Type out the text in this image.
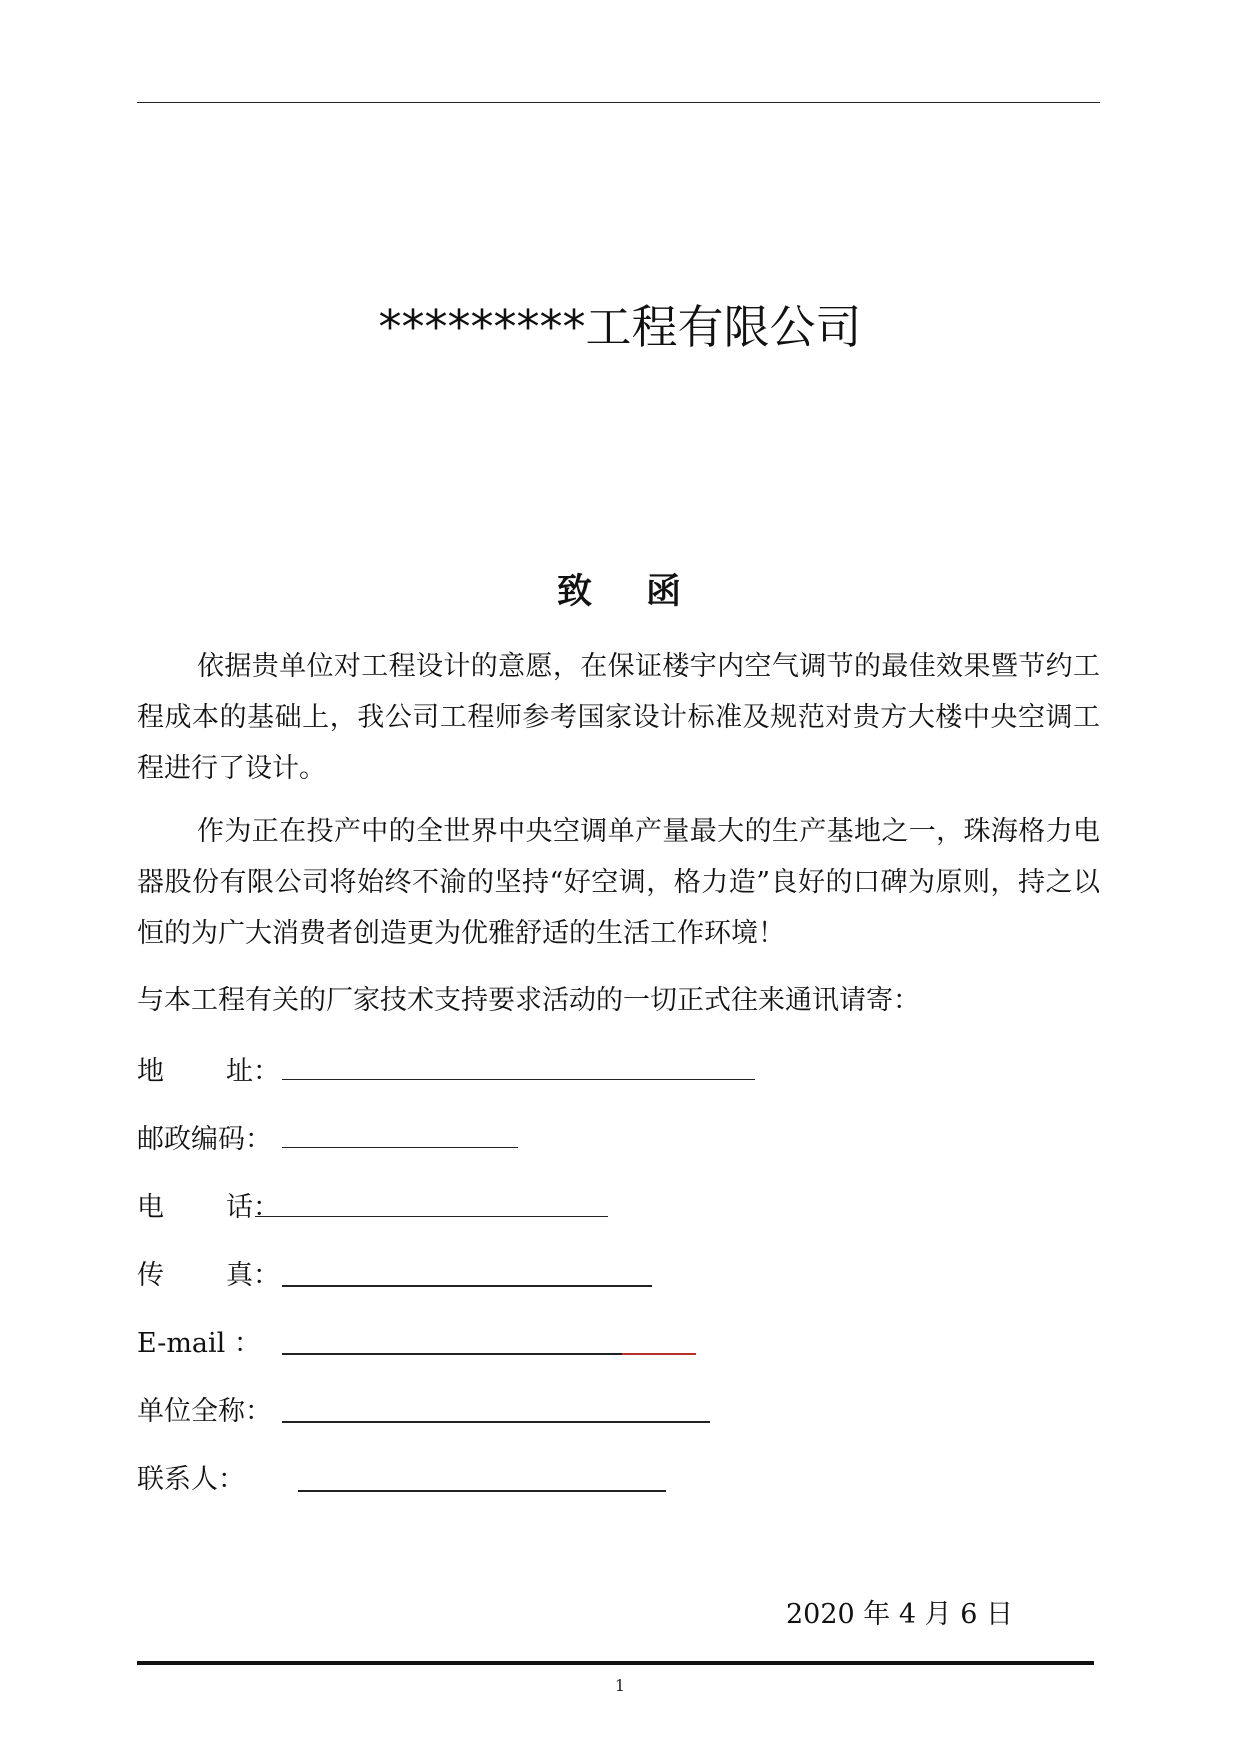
*********工程有限公司
致 函

依据贵单位对工程设计的意愿，在保证楼宇内空气调节的最佳效果暨节约工程成本的基础上，我公司工程师参考国家设计标准及规范对贵方大楼中央空调工程进行了设计。

作为正在投产中的全世界中央空调单产量最大的生产基地之一，珠海格力电器股份有限公司将始终不渝的坚持“好空调，格力造”良好的口碑为原则，持之以恒的为广大消费者创造更为优雅舒适的生活工作环境！

与本工程有关的厂家技术支持要求活动的一切正式往来通讯请寄：
地 址：
邮政编码：
电 话：
传 真：
E-mail ：
单位全称：
联系人：
2020 年 4 月 6 日
1
